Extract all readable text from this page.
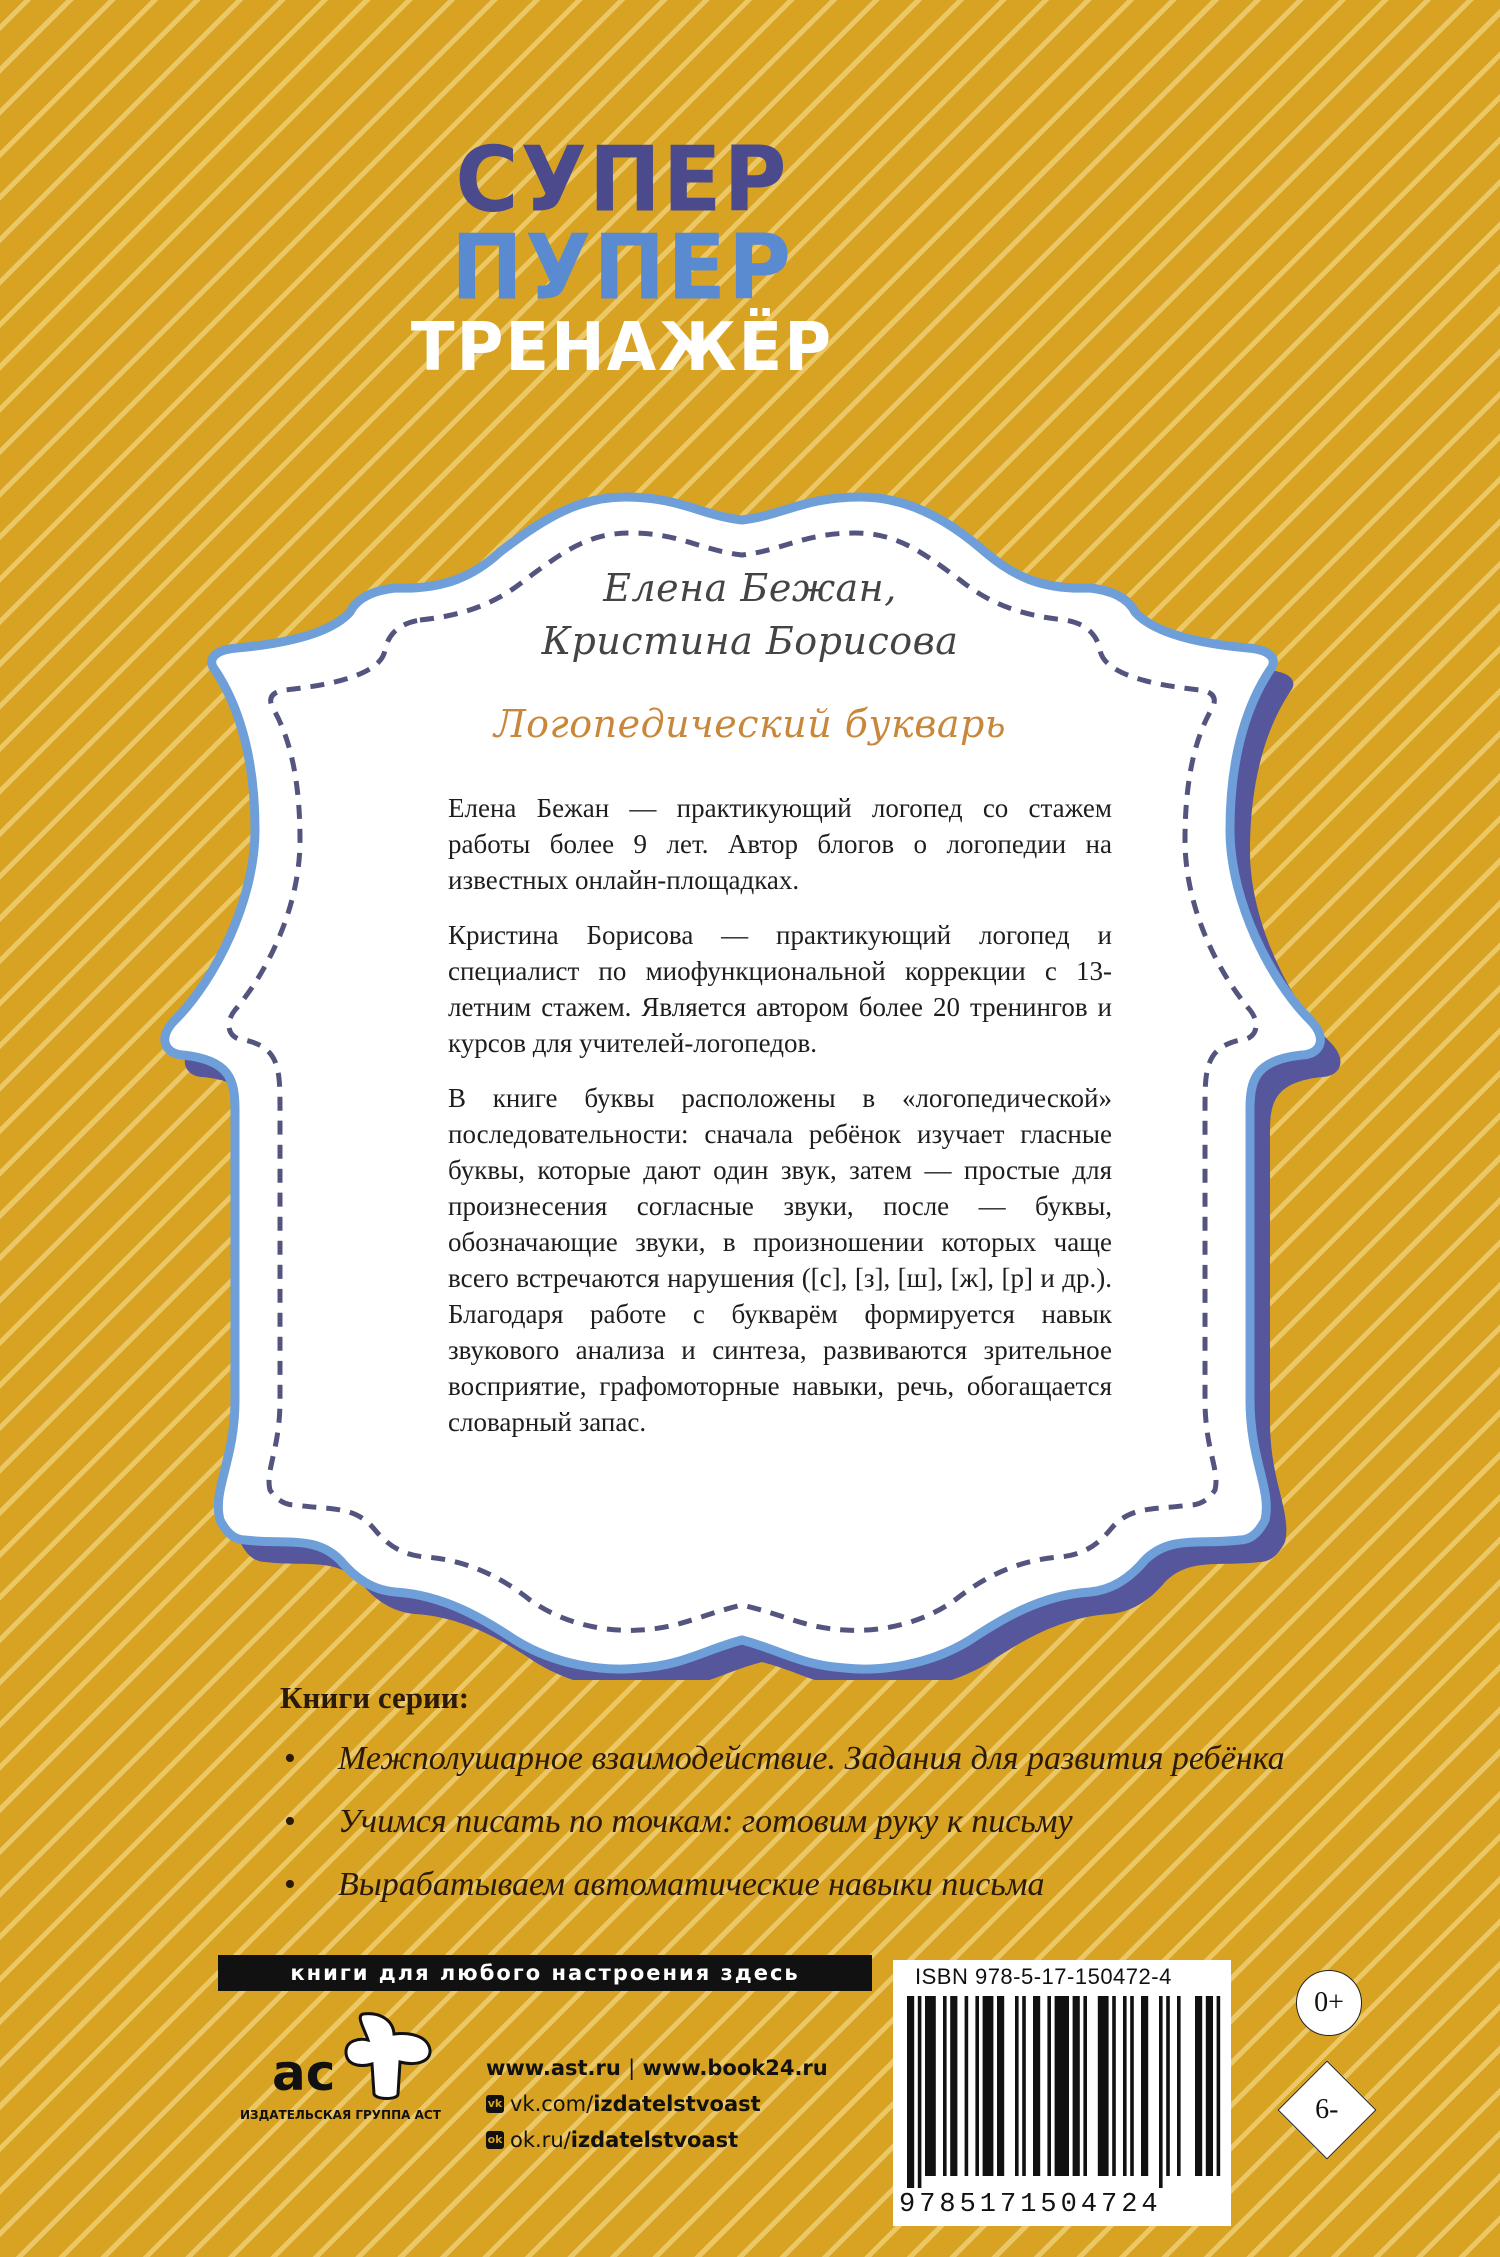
СУПЕР
ПУПЕР
ТРЕНАЖЁР
Елена Бежан,
Кристина Борисова
Логопедический букварь

Елена Бежан — практикующий логопед со стажем работы более 9 лет. Автор блогов о логопедии на известных онлайн-площадках.

Кристина Борисова — практикующий логопед и специалист по миофункциональной коррекции с 13-летним стажем. Является автором более 20 тренингов и курсов для учителей-логопедов.

В книге буквы расположены в «логопедической» последовательности: сначала ребёнок изучает гласные буквы, которые дают один звук, затем — простые для произнесения согласные звуки, после — буквы, обозначающие звуки, в произношении которых чаще всего встречаются нарушения ([с], [з], [ш], [ж], [р] и др.). Благодаря работе с букварём формируется навык звукового анализа и синтеза, развиваются зрительное восприятие, графомоторные навыки, речь, обогащается словарный запас.

Книги серии:
• Межполушарное взаимодействие. Задания для развития ребёнка
• Учимся писать по точкам: готовим руку к письму
• Вырабатываем автоматические навыки письма
книги для любого настроения здесь
ac
ИЗДАТЕЛЬСКАЯ ГРУППА АСТ
www.ast.ru
|
www.book24.ru
vk vk.com/ izdatelstvoast
ok ok.ru/ izdatelstvoast
ISBN 978-5-17-150472-4
9785171504724
0+
6-
